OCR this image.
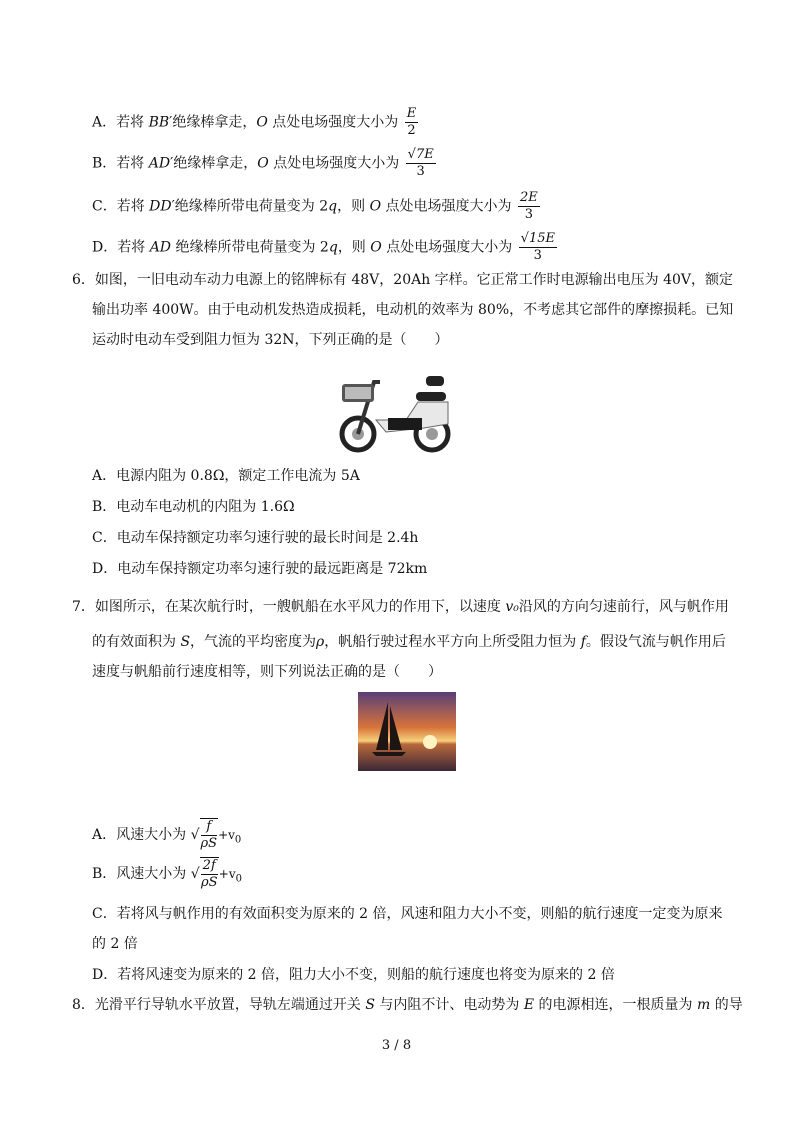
A．若将 BB′绝缘棒拿走，O 点处电场强度大小为 $\frac{E}{2}$
B．若将 AD′绝缘棒拿走，O 点处电场强度大小为 $\frac{√7E}{3}$
C．若将 DD′绝缘棒所带电荷量变为 2q，则 O 点处电场强度大小为 $\frac{2E}{3}$
D．若将 AD 绝缘棒所带电荷量变为 2q，则 O 点处电场强度大小为 $\frac{√15E}{3}$
6．如图，一旧电动车动力电源上的铭牌标有 48V，20Ah 字样。它正常工作时电源输出电压为 40V，额定
输出功率 400W。由于电动机发热造成损耗，电动机的效率为 80%，不考虑其它部件的摩擦损耗。已知
运动时电动车受到阻力恒为 32N，下列正确的是（　　）
A．电源内阻为 0.8Ω，额定工作电流为 5A
B．电动车电动机的内阻为 1.6Ω
C．电动车保持额定功率匀速行驶的最长时间是 2.4h
D．电动车保持额定功率匀速行驶的最远距离是 72km
7．如图所示，在某次航行时，一艘帆船在水平风力的作用下，以速度 v₀沿风的方向匀速前行，风与帆作用
的有效面积为 S，气流的平均密度为ρ，帆船行驶过程水平方向上所受阻力恒为 f。假设气流与帆作用后
速度与帆船前行速度相等，则下列说法正确的是（　　）
A．风速大小为 √ $\frac{f}{\rho S} +v_0$
B．风速大小为 √ $\frac{2f}{\rho S} +v_0$
C．若将风与帆作用的有效面积变为原来的 2 倍，风速和阻力大小不变，则船的航行速度一定变为原来
的 2 倍
D．若将风速变为原来的 2 倍，阻力大小不变，则船的航行速度也将变为原来的 2 倍
8．光滑平行导轨水平放置，导轨左端通过开关 S 与内阻不计、电动势为 E 的电源相连，一根质量为 m 的导
3 / 8
